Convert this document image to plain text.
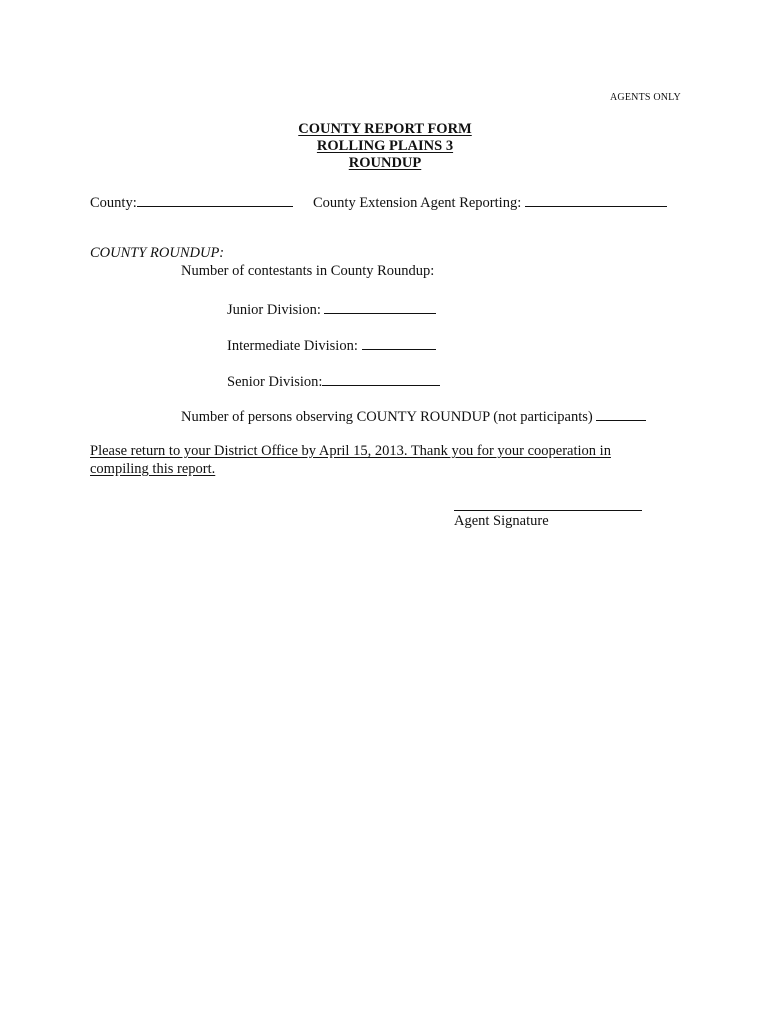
AGENTS ONLY
COUNTY REPORT FORM
ROLLING PLAINS 3
ROUNDUP
County:	County Extension Agent Reporting:
COUNTY ROUNDUP:
Number of contestants in County Roundup:
Junior Division:
Intermediate Division:
Senior Division:
Number of persons observing COUNTY ROUNDUP (not participants)
Please return to your District Office by April 15, 2013. Thank you for your cooperation in compiling this report.
Agent Signature
